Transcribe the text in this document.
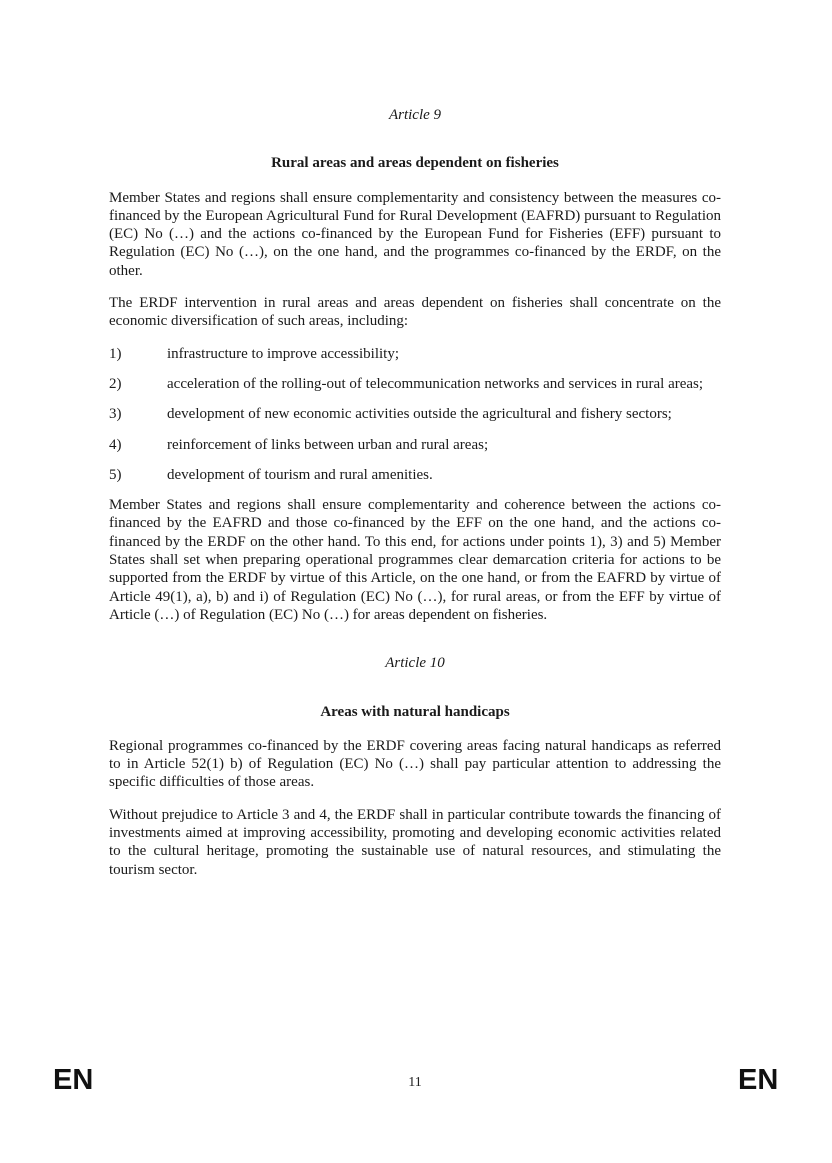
Article 9
Rural areas and areas dependent on fisheries

Member States and regions shall ensure complementarity and consistency between the measures co-financed by the European Agricultural Fund for Rural Development (EAFRD) pursuant to Regulation (EC) No (…) and the actions co-financed by the European Fund for Fisheries (EFF) pursuant to Regulation (EC) No (…), on the one hand, and the programmes co-financed by the ERDF, on the other.

The ERDF intervention in rural areas and areas dependent on fisheries shall concentrate on the economic diversification of such areas, including:

1)	infrastructure to improve accessibility;
2)	acceleration of the rolling-out of telecommunication networks and services in rural areas;
3)	development of new economic activities outside the agricultural and fishery sectors;
4)	reinforcement of links between urban and rural areas;
5)	development of tourism and rural amenities.

Member States and regions shall ensure complementarity and coherence between the actions co-financed by the EAFRD and those co-financed by the EFF on the one hand, and the actions co-financed by the ERDF on the other hand. To this end, for actions under points 1), 3) and 5) Member States shall set when preparing operational programmes clear demarcation criteria for actions to be supported from the ERDF by virtue of this Article, on the one hand, or from the EAFRD by virtue of Article 49(1), a), b) and i) of Regulation (EC) No (…), for rural areas, or from the EFF by virtue of Article (…) of Regulation (EC) No (…) for areas dependent on fisheries.

Article 10
Areas with natural handicaps

Regional programmes co-financed by the ERDF covering areas facing natural handicaps as referred to in Article 52(1) b) of Regulation (EC) No (…) shall pay particular attention to addressing the specific difficulties of those areas.

Without prejudice to Article 3 and 4, the ERDF shall in particular contribute towards the financing of investments aimed at improving accessibility, promoting and developing economic activities related to the cultural heritage, promoting the sustainable use of natural resources, and stimulating the tourism sector.

EN	11	EN
